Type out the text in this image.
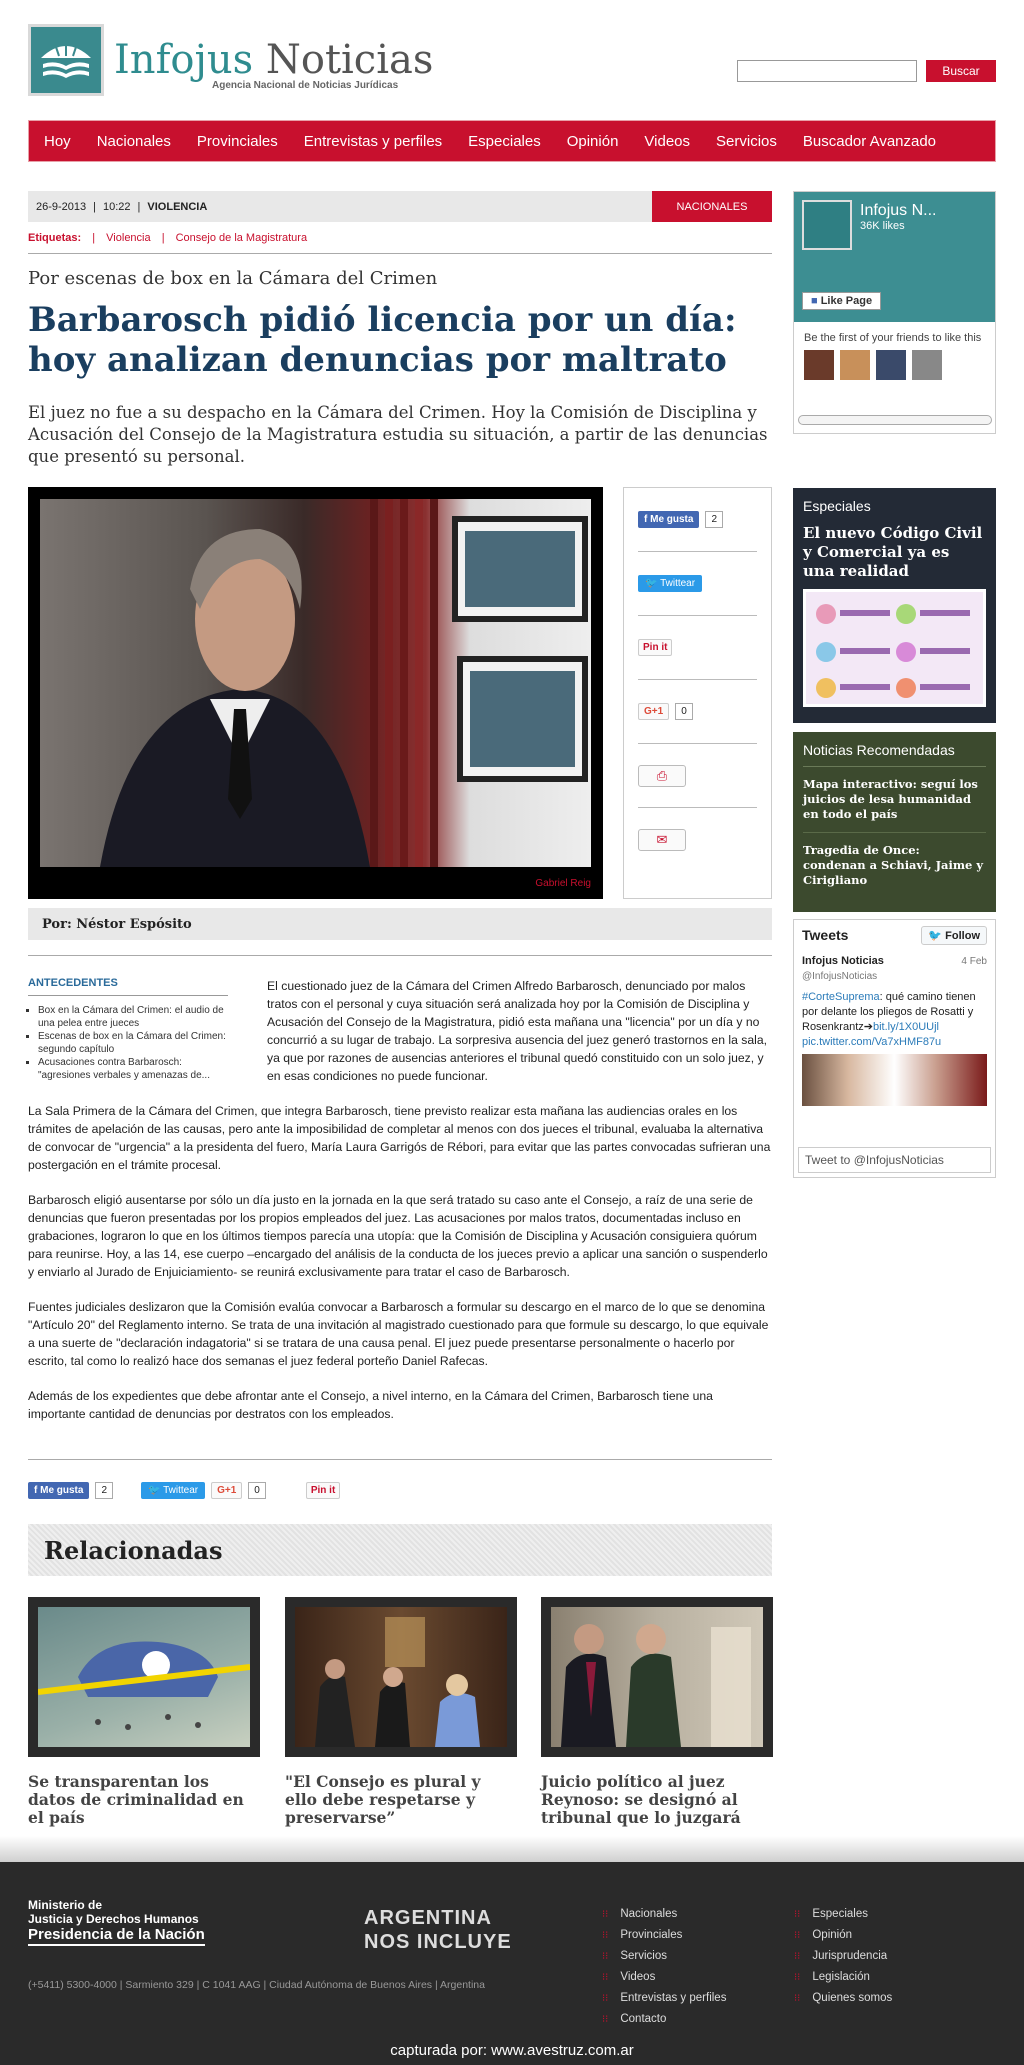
Infojus Noticias
Agencia Nacional de Noticias Jurídicas
Buscar
Hoy Nacionales Provinciales Entrevistas y perfiles Especiales Opinión Videos Servicios Buscador Avanzado
26-9-2013 | 10:22 | VIOLENCIA	NACIONALES
Etiquetas: | Violencia | Consejo de la Magistratura
Por escenas de box en la Cámara del Crimen
Barbarosch pidió licencia por un día: hoy analizan denuncias por maltrato
El juez no fue a su despacho en la Cámara del Crimen. Hoy la Comisión de Disciplina y Acusación del Consejo de la Magistratura estudia su situación, a partir de las denuncias que presentó su personal.
Gabriel Reig
f Me gusta	2
🐦 Twittear
Pin it
G+1	0
⎙
✉
Por: Néstor Espósito

El cuestionado juez de la Cámara del Crimen Alfredo Barbarosch, denunciado por malos tratos con el personal y cuya situación será analizada hoy por la Comisión de Disciplina y Acusación del Consejo de la Magistratura, pidió esta mañana una "licencia" por un día y no concurrió a su lugar de trabajo. La sorpresiva ausencia del juez generó trastornos en la sala, ya que por razones de ausencias anteriores el tribunal quedó constituido con un solo juez, y en esas condiciones no puede funcionar.

La Sala Primera de la Cámara del Crimen, que integra Barbarosch, tiene previsto realizar esta mañana las audiencias orales en los trámites de apelación de las causas, pero ante la imposibilidad de completar al menos con dos jueces el tribunal, evaluaba la alternativa de convocar de "urgencia" a la presidenta del fuero, María Laura Garrigós de Rébori, para evitar que las partes convocadas sufrieran una postergación en el trámite procesal.

Barbarosch eligió ausentarse por sólo un día justo en la jornada en la que será tratado su caso ante el Consejo, a raíz de una serie de denuncias que fueron presentadas por los propios empleados del juez. Las acusaciones por malos tratos, documentadas incluso en grabaciones, lograron lo que en los últimos tiempos parecía una utopía: que la Comisión de Disciplina y Acusación consiguiera quórum para reunirse. Hoy, a las 14, ese cuerpo –encargado del análisis de la conducta de los jueces previo a aplicar una sanción o suspenderlo y enviarlo al Jurado de Enjuiciamiento- se reunirá exclusivamente para tratar el caso de Barbarosch.

Fuentes judiciales deslizaron que la Comisión evalúa convocar a Barbarosch a formular su descargo en el marco de lo que se denomina "Artículo 20" del Reglamento interno. Se trata de una invitación al magistrado cuestionado para que formule su descargo, lo que equivale a una suerte de "declaración indagatoria" si se tratara de una causa penal. El juez puede presentarse personalmente o hacerlo por escrito, tal como lo realizó hace dos semanas el juez federal porteño Daniel Rafecas.

Además de los expedientes que debe afrontar ante el Consejo, a nivel interno, en la Cámara del Crimen, Barbarosch tiene una importante cantidad de denuncias por destratos con los empleados.

ANTECEDENTES
▪ Box en la Cámara del Crimen: el audio de una pelea entre jueces
▪ Escenas de box en la Cámara del Crimen: segundo capítulo
▪ Acusaciones contra Barbarosch: "agresiones verbales y amenazas de...
f Me gusta	2	🐦 Twittear	G+1	0	Pin it
Relacionadas
Se transparentan los datos de criminalidad en el país
"El Consejo es plural y ello debe respetarse y preservarse”
Juicio político al juez Reynoso: se designó al tribunal que lo juzgará
Infojus N...
36K likes
■ Like Page
Be the first of your friends to like this

Especiales
El nuevo Código Civil y Comercial ya es una realidad
Noticias Recomendadas
Mapa interactivo: seguí los juicios de lesa humanidad en todo el país
Tragedia de Once: condenan a Schiavi, Jaime y Cirigliano
Tweets	🐦 Follow
4 Feb
Infojus Noticias
@InfojusNoticias
#CorteSuprema: qué camino tienen por delante los pliegos de Rosatti y Rosenkrantz➔bit.ly/1X0UUjl pic.twitter.com/Va7xHMF87u
Tweet to @InfojusNoticias
Ministerio de
Justicia y Derechos Humanos
Presidencia de la Nación
ARGENTINA
NOS INCLUYE
(+5411) 5300-4000 | Sarmiento 329 | C 1041 AAG | Ciudad Autónoma de Buenos Aires | Argentina
⁝⁝ Nacionales
⁝⁝ Provinciales
⁝⁝ Servicios
⁝⁝ Videos
⁝⁝ Entrevistas y perfiles
⁝⁝ Contacto
⁝⁝ Especiales
⁝⁝ Opinión
⁝⁝ Jurisprudencia
⁝⁝ Legislación
⁝⁝ Quienes somos
capturada por: www.avestruz.com.ar
